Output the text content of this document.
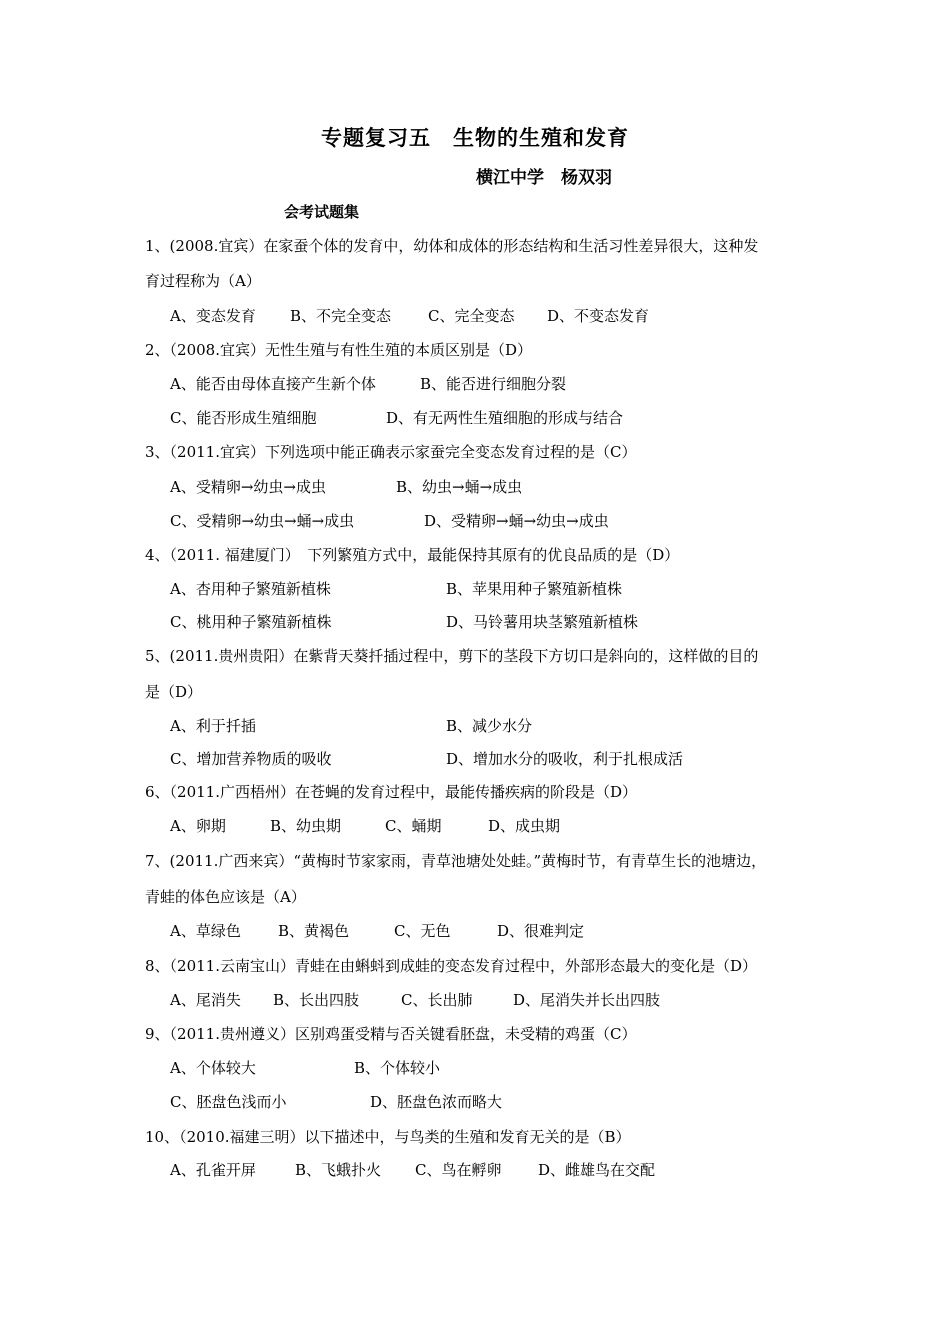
专题复习五　生物的生殖和发育
横江中学　杨双羽
会考试题集
1、(2008.宜宾）在家蚕个体的发育中，幼体和成体的形态结构和生活习性差异很大，这种发
育过程称为（A）
A、变态发育 B、不完全变态 C、完全变态 D、不变态发育
2、（2008.宜宾）无性生殖与有性生殖的本质区别是（D）
A、能否由母体直接产生新个体	B、能否进行细胞分裂
C、能否形成生殖细胞	D、有无两性生殖细胞的形成与结合
3、（2011.宜宾）下列选项中能正确表示家蚕完全变态发育过程的是（C）
A、受精卵→幼虫→成虫	B、幼虫→蛹→成虫
C、受精卵→幼虫→蛹→成虫	D、受精卵→蛹→幼虫→成虫
4、（2011. 福建厦门）　下列繁殖方式中，最能保持其原有的优良品质的是（D）
A、杏用种子繁殖新植株	B、苹果用种子繁殖新植株
C、桃用种子繁殖新植株	D、马铃薯用块茎繁殖新植株
5、(2011.贵州贵阳）在紫背天葵扦插过程中，剪下的茎段下方切口是斜向的，这样做的目的
是（D）
A、利于扦插	B、减少水分
C、增加营养物质的吸收	D、增加水分的吸收，利于扎根成活
6、（2011.广西梧州）在苍蝇的发育过程中，最能传播疾病的阶段是（D）
A、卵期	B、幼虫期	C、蛹期	D、成虫期
7、(2011.广西来宾）“黄梅时节家家雨，青草池塘处处蛙。”黄梅时节，有青草生长的池塘边，
青蛙的体色应该是（A）
A、草绿色 B、黄褐色	C、无色	D、很难判定
8、（2011.云南宝山）青蛙在由蝌蚪到成蛙的变态发育过程中，外部形态最大的变化是（D）
A、尾消失 B、长出四肢	C、长出肺	D、尾消失并长出四肢
9、（2011.贵州遵义）区别鸡蛋受精与否关键看胚盘，未受精的鸡蛋（C）
A、个体较大	B、个体较小
C、胚盘色浅而小	D、胚盘色浓而略大
10、（2010.福建三明）以下描述中，与鸟类的生殖和发育无关的是（B）
A、孔雀开屏	B、飞蛾扑火 C、鸟在孵卵 D、雌雄鸟在交配
